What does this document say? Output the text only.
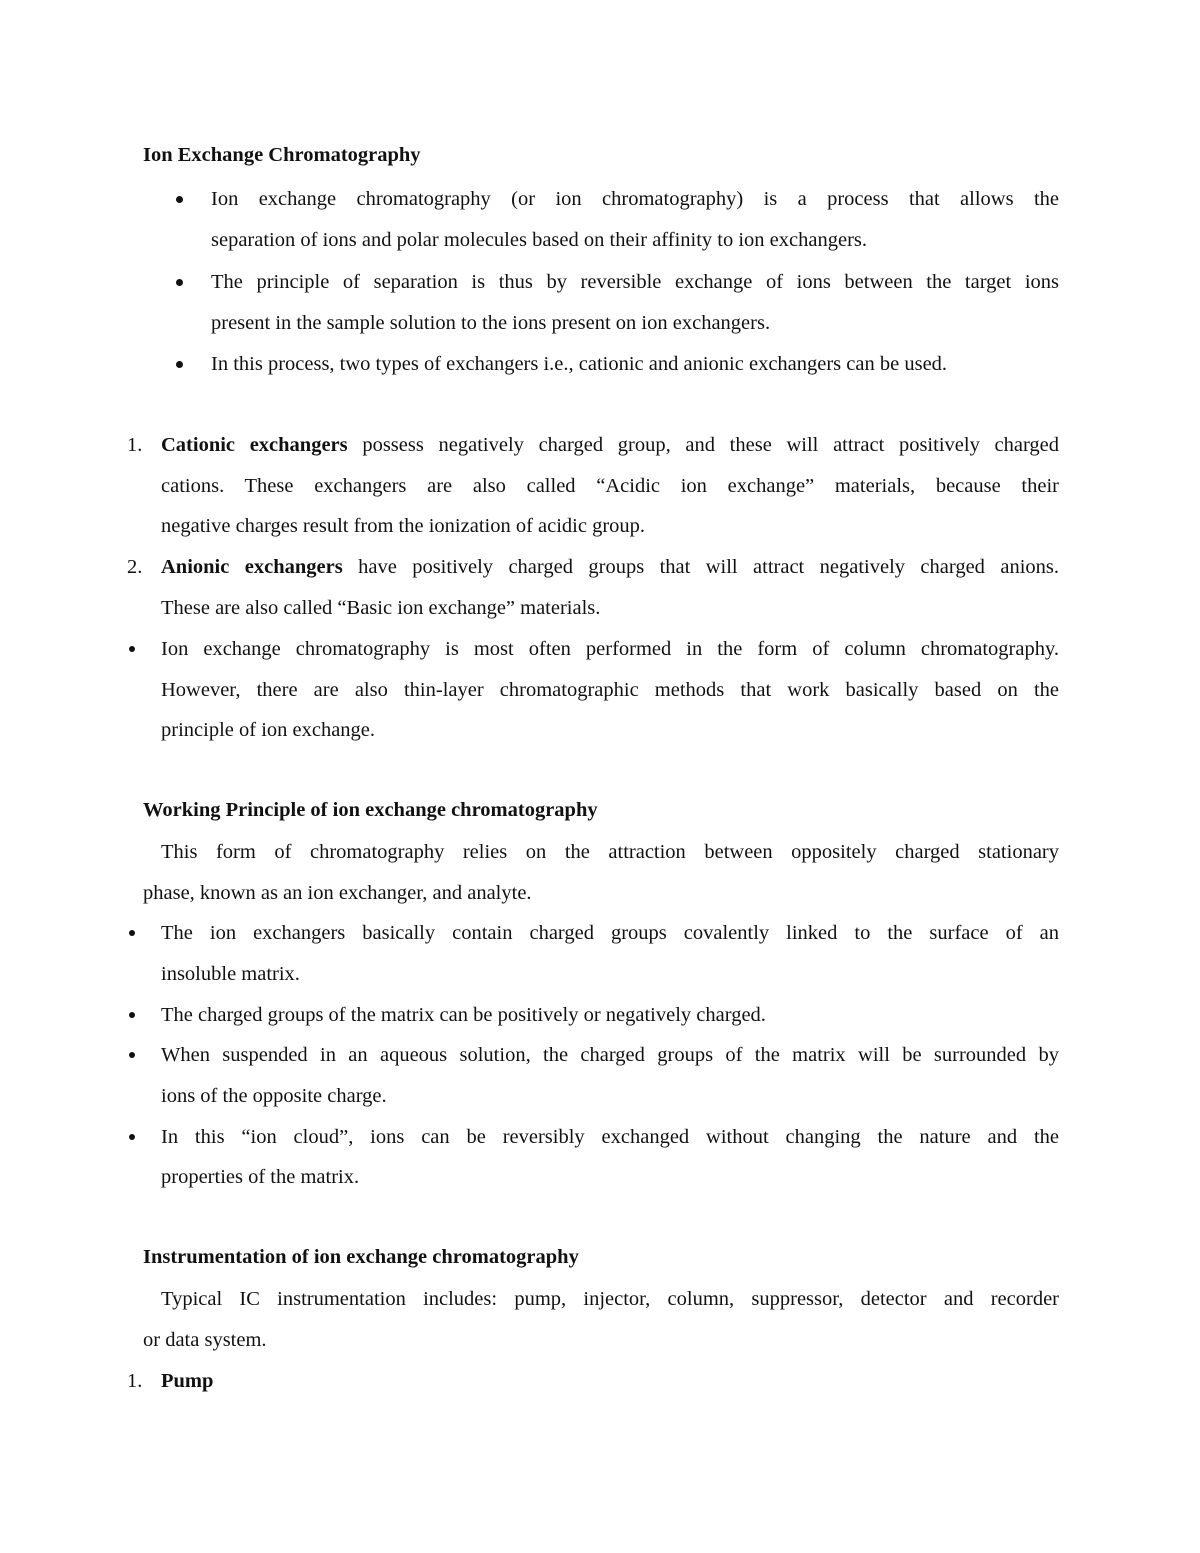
Ion Exchange Chromatography
Ion exchange chromatography (or ion chromatography) is a process that allows the
separation of ions and polar molecules based on their affinity to ion exchangers.
The principle of separation is thus by reversible exchange of ions between the target ions
present in the sample solution to the ions present on ion exchangers.
In this process, two types of exchangers i.e., cationic and anionic exchangers can be used.
1. Cationic exchangers possess negatively charged group, and these will attract positively charged
cations. These exchangers are also called “Acidic ion exchange” materials, because their
negative charges result from the ionization of acidic group.
2. Anionic exchangers have positively charged groups that will attract negatively charged anions.
These are also called “Basic ion exchange” materials.
Ion exchange chromatography is most often performed in the form of column chromatography.
However, there are also thin-layer chromatographic methods that work basically based on the
principle of ion exchange.
Working Principle of ion exchange chromatography
This form of chromatography relies on the attraction between oppositely charged stationary
phase, known as an ion exchanger, and analyte.
The ion exchangers basically contain charged groups covalently linked to the surface of an
insoluble matrix.
The charged groups of the matrix can be positively or negatively charged.
When suspended in an aqueous solution, the charged groups of the matrix will be surrounded by
ions of the opposite charge.
In this “ion cloud”, ions can be reversibly exchanged without changing the nature and the
properties of the matrix.
Instrumentation of ion exchange chromatography
Typical IC instrumentation includes: pump, injector, column, suppressor, detector and recorder
or data system.
1. Pump
